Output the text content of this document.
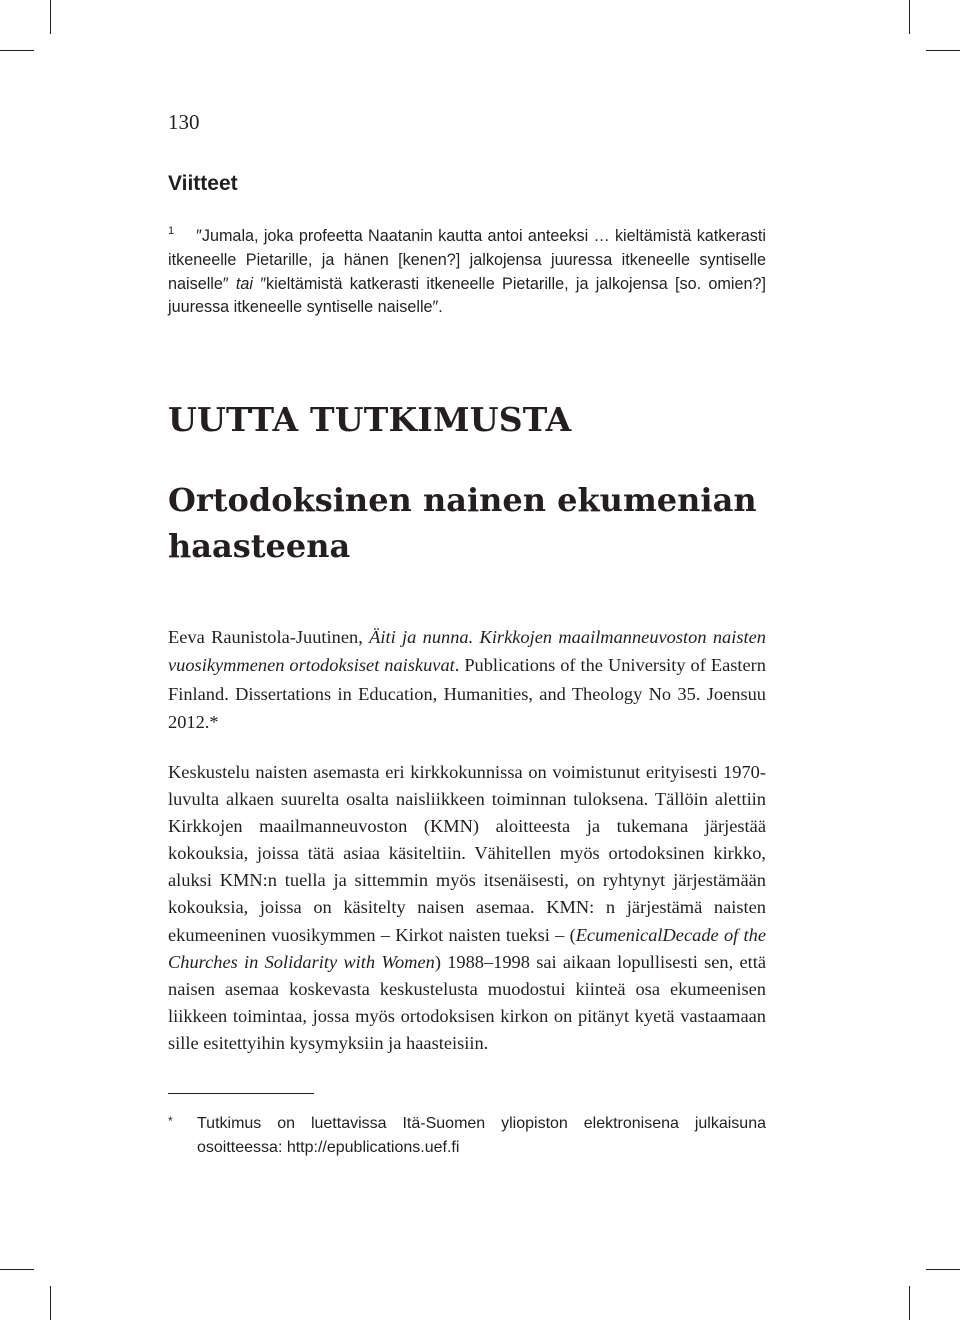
130
Viitteet
$^1$ ″Jumala, joka profeetta Naatanin kautta antoi anteeksi … kieltämistä katkerasti itkeneelle Pietarille, ja hänen [kenen?] jalkojensa juuressa itkeneelle syntiselle naiselle″ tai ″kieltämistä katkerasti itkeneelle Pietarille, ja jalkojensa [so. omien?] juuressa itkeneelle syntiselle naiselle″.
UUTTA TUTKIMUSTA
Ortodoksinen nainen ekumenian haasteena
Eeva Raunistola-Juutinen, Äiti ja nunna. Kirkkojen maailmanneuvoston naisten vuosikymmenen ortodoksiset naiskuvat. Publications of the University of Eastern Finland. Dissertations in Education, Humanities, and Theology No 35. Joensuu 2012.*
Keskustelu naisten asemasta eri kirkkokunnissa on voimistunut erityisesti 1970-luvulta alkaen suurelta osalta naisliikkeen toiminnan tuloksena. Tällöin alettiin Kirkkojen maailmanneuvoston (KMN) aloitteesta ja tukemana järjestää kokouksia, joissa tätä asiaa käsiteltiin. Vähitellen myös ortodoksinen kirkko, aluksi KMN:n tuella ja sittemmin myös itsenäisesti, on ryhtynyt järjestämään kokouksia, joissa on käsitelty naisen asemaa. KMN: n järjestämä naisten ekumeeninen vuosikymmen – Kirkot naisten tueksi – (EcumenicalDecade of the Churches in Solidarity with Women) 1988–1998 sai aikaan lopullisesti sen, että naisen asemaa koskevasta keskustelusta muodostui kiinteä osa ekumeenisen liikkeen toimintaa, jossa myös ortodoksisen kirkon on pitänyt kyetä vastaamaan sille esitettyihin kysymyksiin ja haasteisiin.
* Tutkimus on luettavissa Itä-Suomen yliopiston elektronisena julkaisuna osoitteessa: http://epublications.uef.fi
